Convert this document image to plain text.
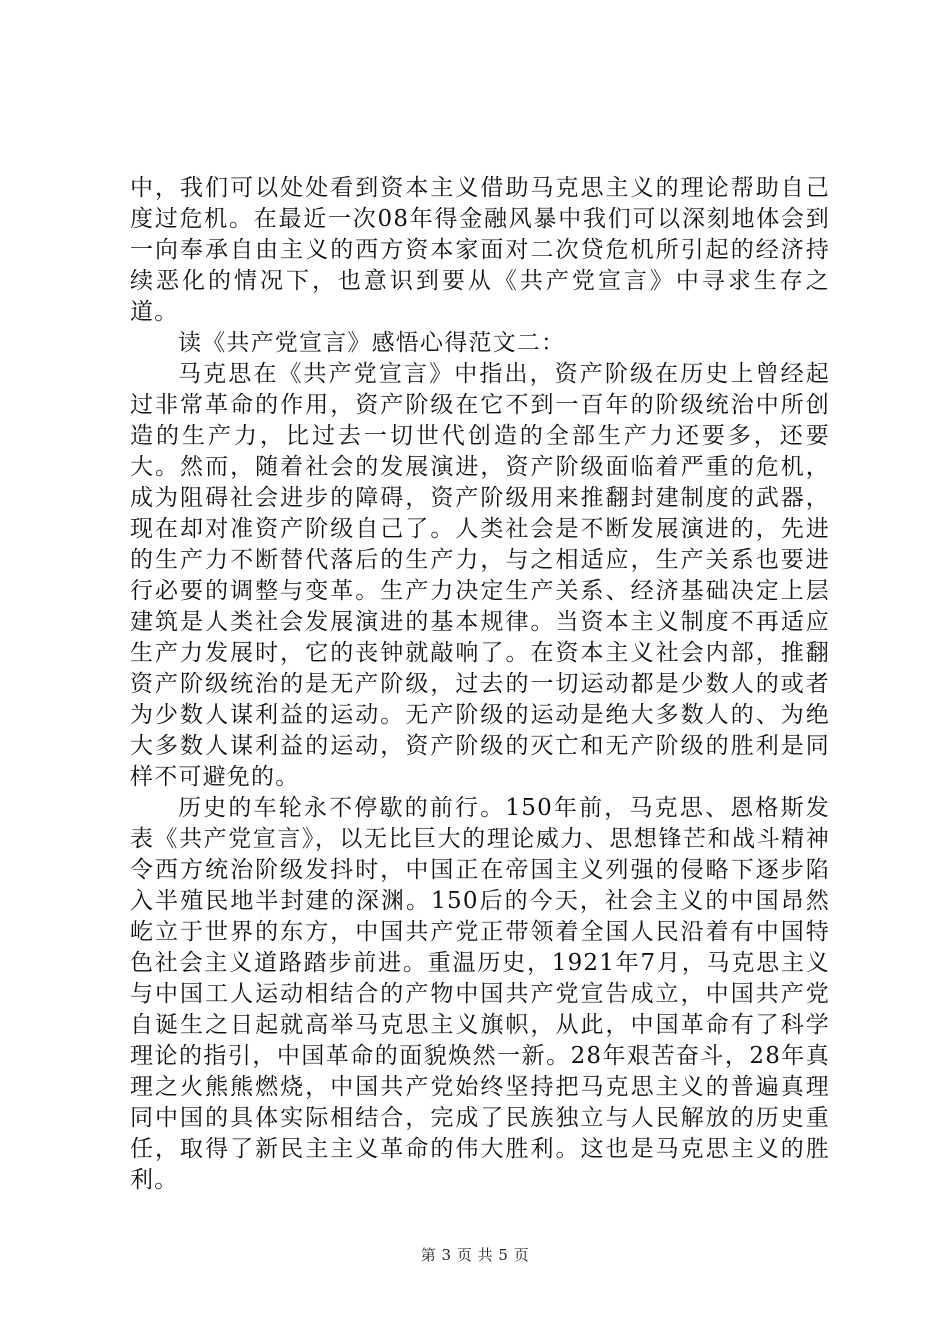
中，我们可以处处看到资本主义借助马克思主义的理论帮助自己度过危机。在最近一次08年得金融风暴中我们可以深刻地体会到一向奉承自由主义的西方资本家面对二次贷危机所引起的经济持续恶化的情况下，也意识到要从《共产党宣言》中寻求生存之道。

读《共产党宣言》感悟心得范文二：

马克思在《共产党宣言》中指出，资产阶级在历史上曾经起过非常革命的作用，资产阶级在它不到一百年的阶级统治中所创造的生产力，比过去一切世代创造的全部生产力还要多，还要大。然而，随着社会的发展演进，资产阶级面临着严重的危机，成为阻碍社会进步的障碍，资产阶级用来推翻封建制度的武器，现在却对准资产阶级自己了。人类社会是不断发展演进的，先进的生产力不断替代落后的生产力，与之相适应，生产关系也要进行必要的调整与变革。生产力决定生产关系、经济基础决定上层建筑是人类社会发展演进的基本规律。当资本主义制度不再适应生产力发展时，它的丧钟就敲响了。在资本主义社会内部，推翻资产阶级统治的是无产阶级，过去的一切运动都是少数人的或者为少数人谋利益的运动。无产阶级的运动是绝大多数人的、为绝大多数人谋利益的运动，资产阶级的灭亡和无产阶级的胜利是同样不可避免的。

历史的车轮永不停歇的前行。150年前，马克思、恩格斯发表《共产党宣言》，以无比巨大的理论威力、思想锋芒和战斗精神令西方统治阶级发抖时，中国正在帝国主义列强的侵略下逐步陷入半殖民地半封建的深渊。150后的今天，社会主义的中国昂然屹立于世界的东方，中国共产党正带领着全国人民沿着有中国特色社会主义道路踏步前进。重温历史，1921年7月，马克思主义与中国工人运动相结合的产物中国共产党宣告成立，中国共产党自诞生之日起就高举马克思主义旗帜，从此，中国革命有了科学理论的指引，中国革命的面貌焕然一新。28年艰苦奋斗，28年真理之火熊熊燃烧，中国共产党始终坚持把马克思主义的普遍真理同中国的具体实际相结合，完成了民族独立与人民解放的历史重任，取得了新民主主义革命的伟大胜利。这也是马克思主义的胜利。

第 3 页 共 5 页
